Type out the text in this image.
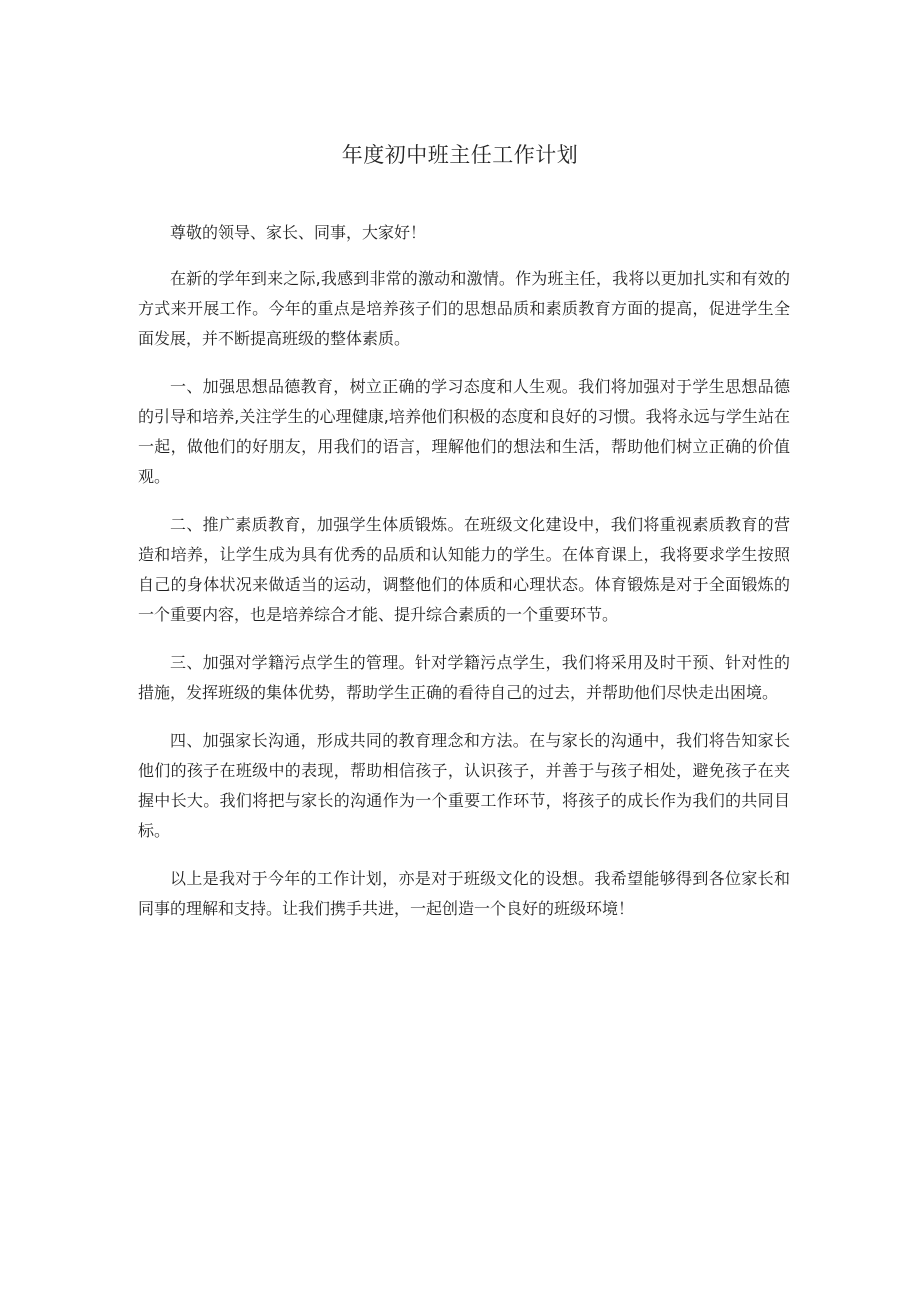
年度初中班主任工作计划

尊敬的领导、家长、同事，大家好！

在新的学年到来之际,我感到非常的激动和激情。作为班主任，我将以更加扎实和有效的方式来开展工作。今年的重点是培养孩子们的思想品质和素质教育方面的提高，促进学生全面发展，并不断提高班级的整体素质。

一、加强思想品德教育，树立正确的学习态度和人生观。我们将加强对于学生思想品德的引导和培养,关注学生的心理健康,培养他们积极的态度和良好的习惯。我将永远与学生站在一起，做他们的好朋友，用我们的语言，理解他们的想法和生活，帮助他们树立正确的价值观。

二、推广素质教育，加强学生体质锻炼。在班级文化建设中，我们将重视素质教育的营造和培养，让学生成为具有优秀的品质和认知能力的学生。在体育课上，我将要求学生按照自己的身体状况来做适当的运动，调整他们的体质和心理状态。体育锻炼是对于全面锻炼的一个重要内容，也是培养综合才能、提升综合素质的一个重要环节。

三、加强对学籍污点学生的管理。针对学籍污点学生，我们将采用及时干预、针对性的措施，发挥班级的集体优势，帮助学生正确的看待自己的过去，并帮助他们尽快走出困境。

四、加强家长沟通，形成共同的教育理念和方法。在与家长的沟通中，我们将告知家长他们的孩子在班级中的表现，帮助相信孩子，认识孩子，并善于与孩子相处，避免孩子在夹握中长大。我们将把与家长的沟通作为一个重要工作环节，将孩子的成长作为我们的共同目标。

以上是我对于今年的工作计划，亦是对于班级文化的设想。我希望能够得到各位家长和同事的理解和支持。让我们携手共进，一起创造一个良好的班级环境！
